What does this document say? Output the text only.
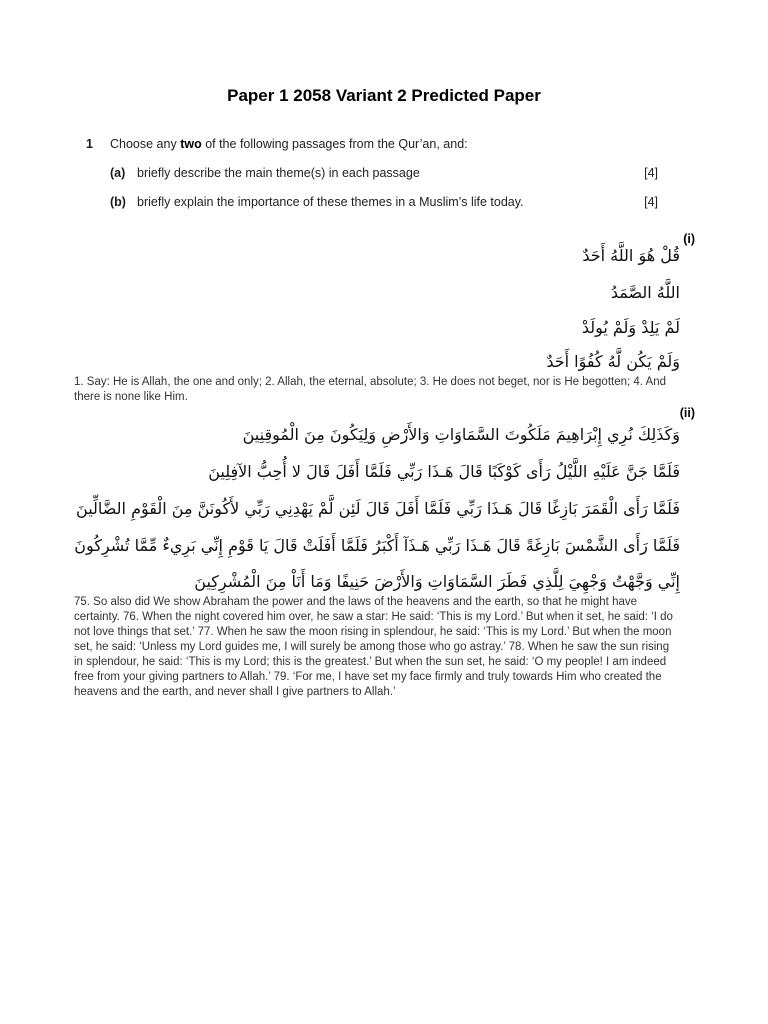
Paper 1 2058 Variant 2 Predicted Paper
1 Choose any two of the following passages from the Qur’an, and:
(a) briefly describe the main theme(s) in each passage	[4]
(b) briefly explain the importance of these themes in a Muslim’s life today.	[4]
(i)
قُلْ هُوَ اللَّهُ أَحَدٌ
اللَّهُ الصَّمَدُ
لَمْ يَلِدْ وَلَمْ يُولَدْ
وَلَمْ يَكُن لَّهُ كُفُوًا أَحَدٌ
1. Say: He is Allah, the one and only; 2. Allah, the eternal, absolute; 3. He does not beget, nor is He begotten; 4. And there is none like Him.
(ii)
وَكَذَلِكَ نُرِي إِبْرَاهِيمَ مَلَكُوتَ السَّمَاوَاتِ وَالأَرْضِ وَلِيَكُونَ مِنَ الْمُوقِنِينَ
فَلَمَّا جَنَّ عَلَيْهِ اللَّيْلُ رَأَى كَوْكَبًا قَالَ هَـذَا رَبِّي فَلَمَّا أَفَلَ قَالَ لا أُحِبُّ الآفِلِينَ
فَلَمَّا رَأَى الْقَمَرَ بَازِغًا قَالَ هَـذَا رَبِّي فَلَمَّا أَفَلَ قَالَ لَئِن لَّمْ يَهْدِنِي رَبِّي لأَكُونَنَّ مِنَ الْقَوْمِ الضَّالِّينَ
فَلَمَّا رَأَى الشَّمْسَ بَازِغَةً قَالَ هَـذَا رَبِّي هَـذَآ أَكْبَرُ فَلَمَّا أَفَلَتْ قَالَ يَا قَوْمِ إِنِّي بَرِيءٌ مِّمَّا تُشْرِكُونَ
إِنِّي وَجَّهْتُ وَجْهِيَ لِلَّذِي فَطَرَ السَّمَاوَاتِ وَالأَرْضَ حَنِيفًا وَمَا أَنَاْ مِنَ الْمُشْرِكِينَ
75. So also did We show Abraham the power and the laws of the heavens and the earth, so that he might have certainty. 76. When the night covered him over, he saw a star: He said: ‘This is my Lord.’ But when it set, he said: ‘I do not love things that set.’ 77. When he saw the moon rising in splendour, he said: ‘This is my Lord.’ But when the moon set, he said: ‘Unless my Lord guides me, I will surely be among those who go astray.’ 78. When he saw the sun rising in splendour, he said: ‘This is my Lord; this is the greatest.’ But when the sun set, he said: ‘O my people! I am indeed free from your giving partners to Allah.’ 79. ‘For me, I have set my face firmly and truly towards Him who created the heavens and the earth, and never shall I give partners to Allah.’
